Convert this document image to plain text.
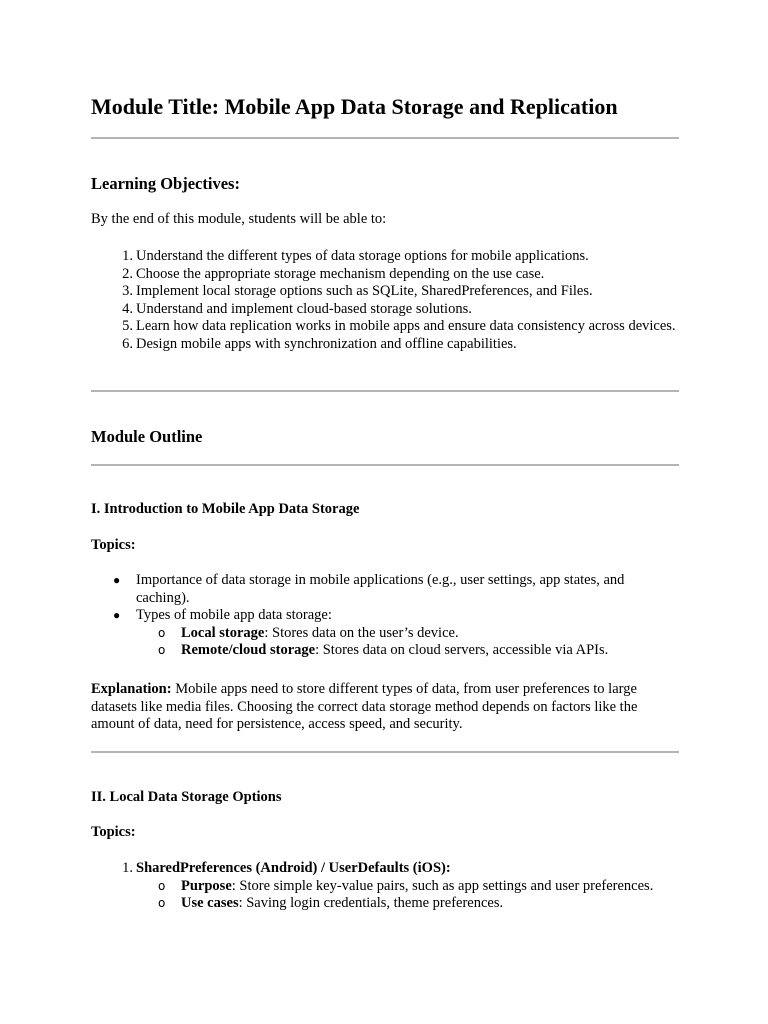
Module Title: Mobile App Data Storage and Replication
Learning Objectives:

By the end of this module, students will be able to:

1. Understand the different types of data storage options for mobile applications.
2. Choose the appropriate storage mechanism depending on the use case.
3. Implement local storage options such as SQLite, SharedPreferences, and Files.
4. Understand and implement cloud-based storage solutions.
5. Learn how data replication works in mobile apps and ensure data consistency across devices.
6. Design mobile apps with synchronization and offline capabilities.
Module Outline
I. Introduction to Mobile App Data Storage
Topics:
● Importance of data storage in mobile applications (e.g., user settings, app states, and caching).
● Types of mobile app data storage:
o Local storage: Stores data on the user’s device.
o Remote/cloud storage: Stores data on cloud servers, accessible via APIs.

Explanation: Mobile apps need to store different types of data, from user preferences to large datasets like media files. Choosing the correct data storage method depends on factors like the amount of data, need for persistence, access speed, and security.

II. Local Data Storage Options
Topics:
1. SharedPreferences (Android) / UserDefaults (iOS):
o Purpose: Store simple key-value pairs, such as app settings and user preferences.
o Use cases: Saving login credentials, theme preferences.
